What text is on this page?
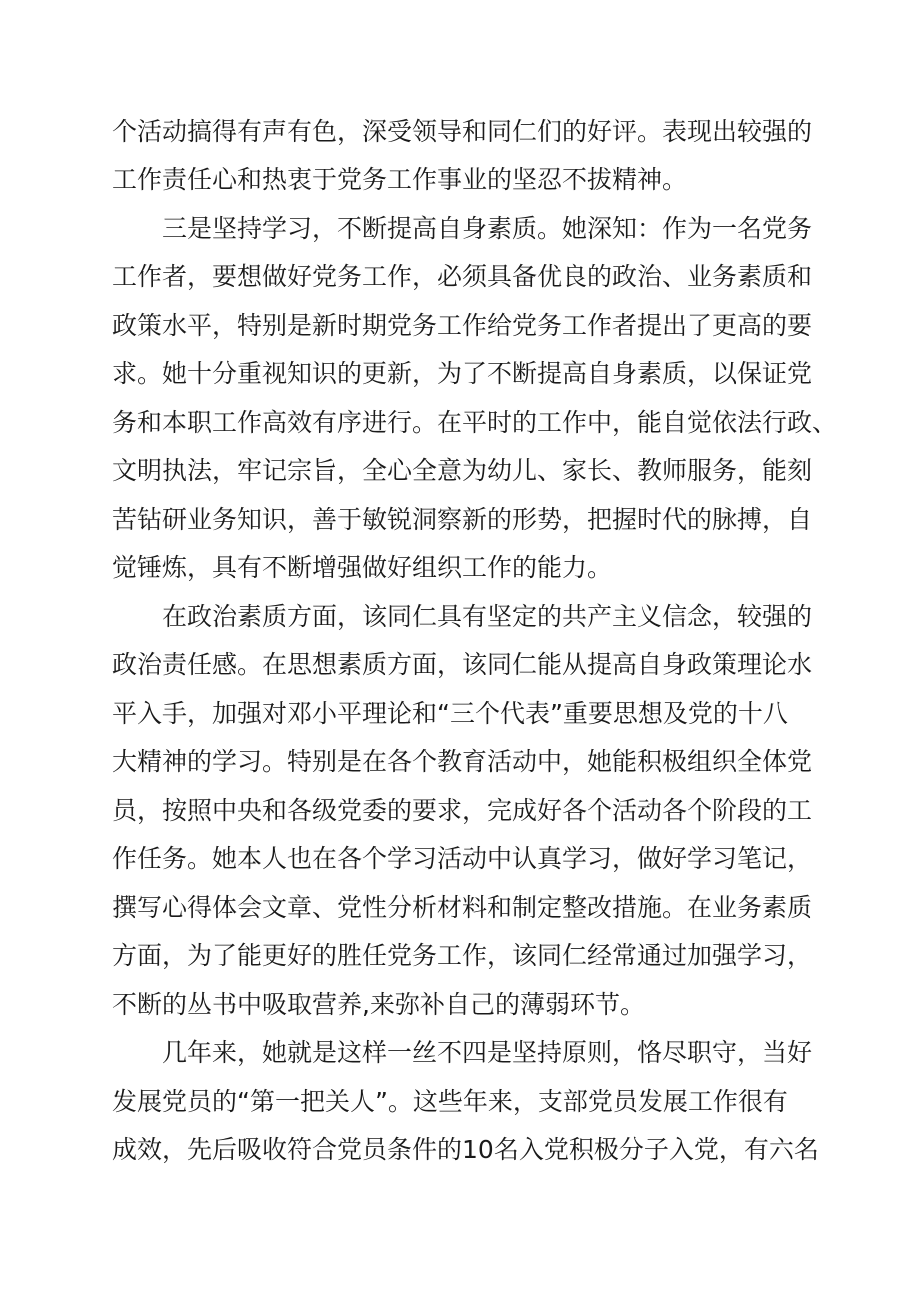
个活动搞得有声有色，深受领导和同仁们的好评。表现出较强的
工作责任心和热衷于党务工作事业的坚忍不拔精神。
三是坚持学习，不断提高自身素质。她深知：作为一名党务
工作者，要想做好党务工作，必须具备优良的政治、业务素质和
政策水平，特别是新时期党务工作给党务工作者提出了更高的要
求。她十分重视知识的更新，为了不断提高自身素质，以保证党
务和本职工作高效有序进行。在平时的工作中，能自觉依法行政、
文明执法，牢记宗旨，全心全意为幼儿、家长、教师服务，能刻
苦钻研业务知识，善于敏锐洞察新的形势，把握时代的脉搏，自
觉锤炼，具有不断增强做好组织工作的能力。
在政治素质方面，该同仁具有坚定的共产主义信念，较强的
政治责任感。在思想素质方面，该同仁能从提高自身政策理论水
平入手，加强对邓小平理论和“三个代表”重要思想及党的十八
大精神的学习。特别是在各个教育活动中，她能积极组织全体党
员，按照中央和各级党委的要求，完成好各个活动各个阶段的工
作任务。她本人也在各个学习活动中认真学习，做好学习笔记，
撰写心得体会文章、党性分析材料和制定整改措施。在业务素质
方面，为了能更好的胜任党务工作，该同仁经常通过加强学习，
不断的丛书中吸取营养,来弥补自己的薄弱环节。
几年来，她就是这样一丝不四是坚持原则，恪尽职守，当好
发展党员的“第一把关人”。这些年来，支部党员发展工作很有
成效，先后吸收符合党员条件的10名入党积极分子入党，有六名
